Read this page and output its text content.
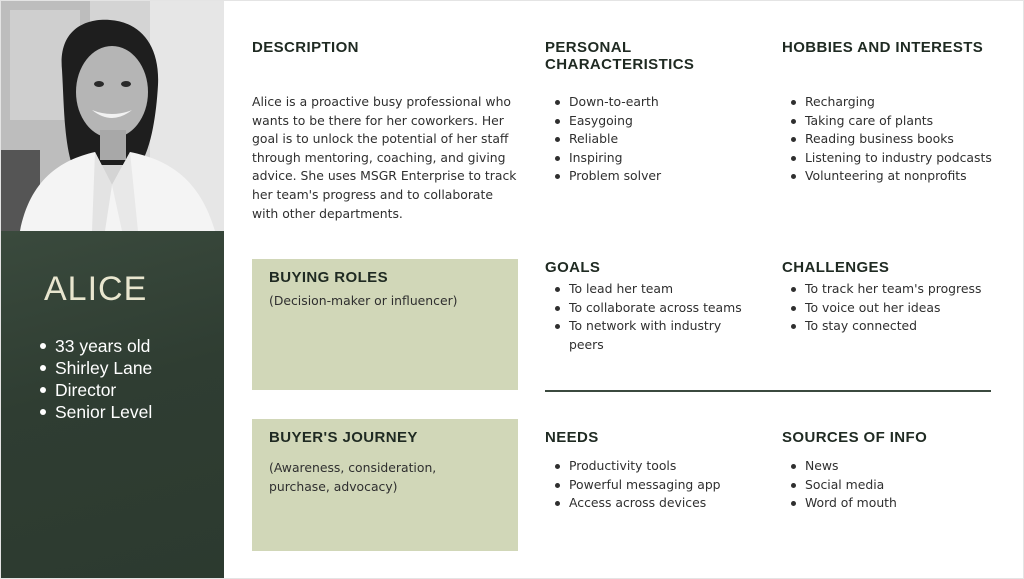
ALICE
33 years old
Shirley Lane
Director
Senior Level
DESCRIPTION
Alice is a proactive busy professional who wants to be there for her coworkers. Her goal is to unlock the potential of her staff through mentoring, coaching, and giving advice. She uses MSGR Enterprise to track her team's progress and to collaborate with other departments.
PERSONAL CHARACTERISTICS
Down-to-earth
Easygoing
Reliable
Inspiring
Problem solver
HOBBIES AND INTERESTS
Recharging
Taking care of plants
Reading business books
Listening to industry podcasts
Volunteering at nonprofits
BUYING ROLES
(Decision-maker or influencer)
GOALS
To lead her team
To collaborate across teams
To network with industry peers
CHALLENGES
To track her team's progress
To voice out her ideas
To stay connected
BUYER'S JOURNEY
(Awareness, consideration, purchase, advocacy)
NEEDS
Productivity tools
Powerful messaging app
Access across devices
SOURCES OF INFO
News
Social media
Word of mouth
